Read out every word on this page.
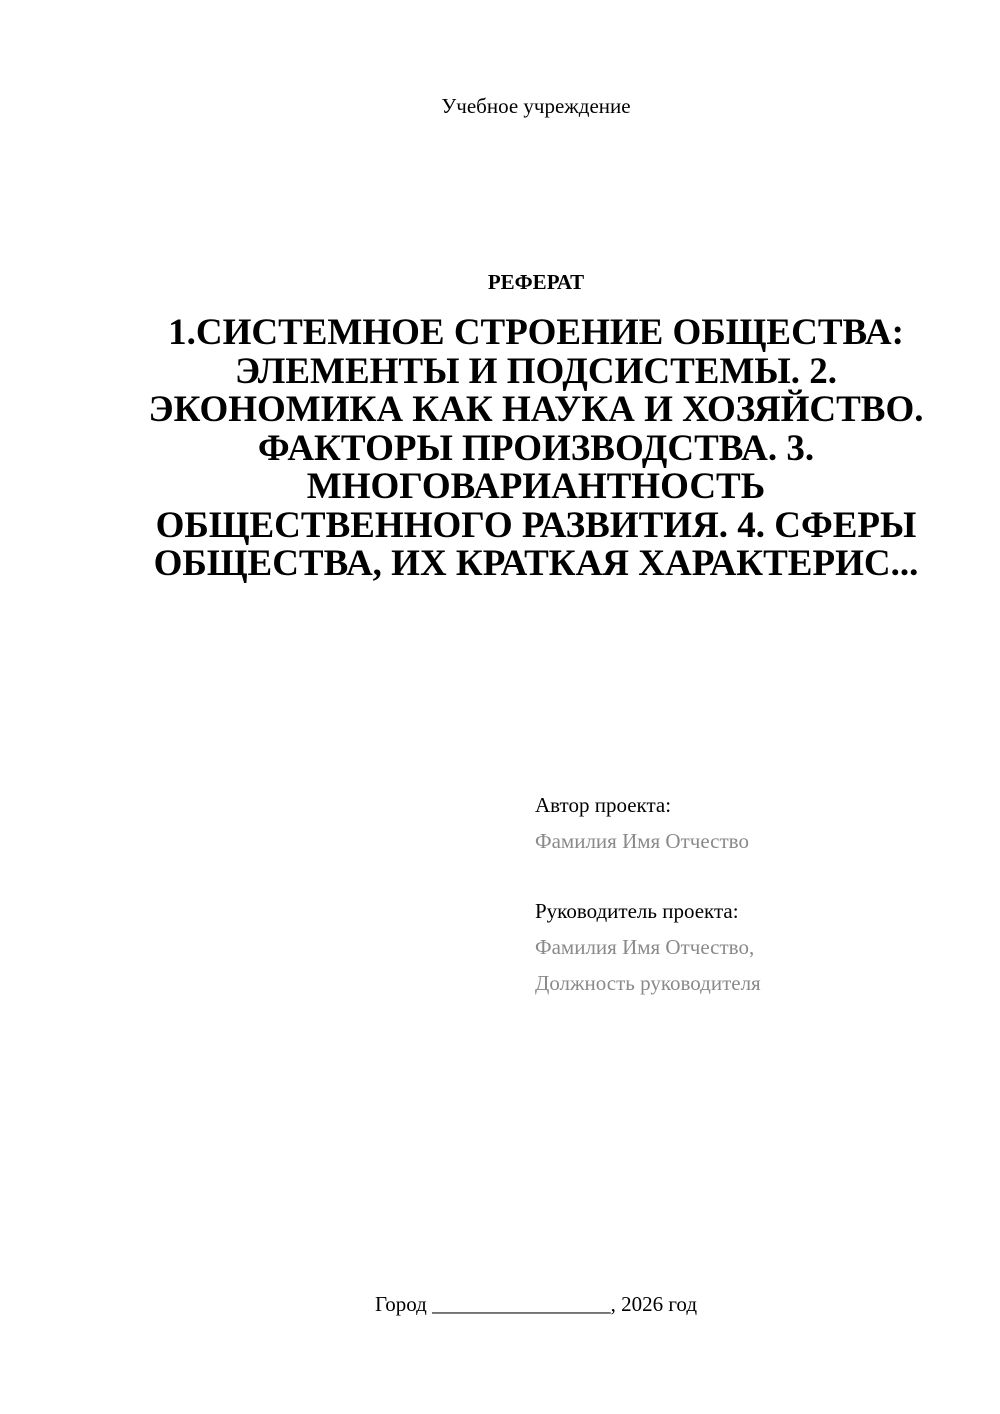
Учебное учреждение
РЕФЕРАТ
1.СИСТЕМНОЕ СТРОЕНИЕ ОБЩЕСТВА: ЭЛЕМЕНТЫ И ПОДСИСТЕМЫ. 2. ЭКОНОМИКА КАК НАУКА И ХОЗЯЙСТВО. ФАКТОРЫ ПРОИЗВОДСТВА. 3. МНОГОВАРИАНТНОСТЬ ОБЩЕСТВЕННОГО РАЗВИТИЯ. 4. СФЕРЫ ОБЩЕСТВА, ИХ КРАТКАЯ ХАРАКТЕРИС...
Автор проекта:
Фамилия Имя Отчество
Руководитель проекта:
Фамилия Имя Отчество,
Должность руководителя
Город _________________, 2026 год
